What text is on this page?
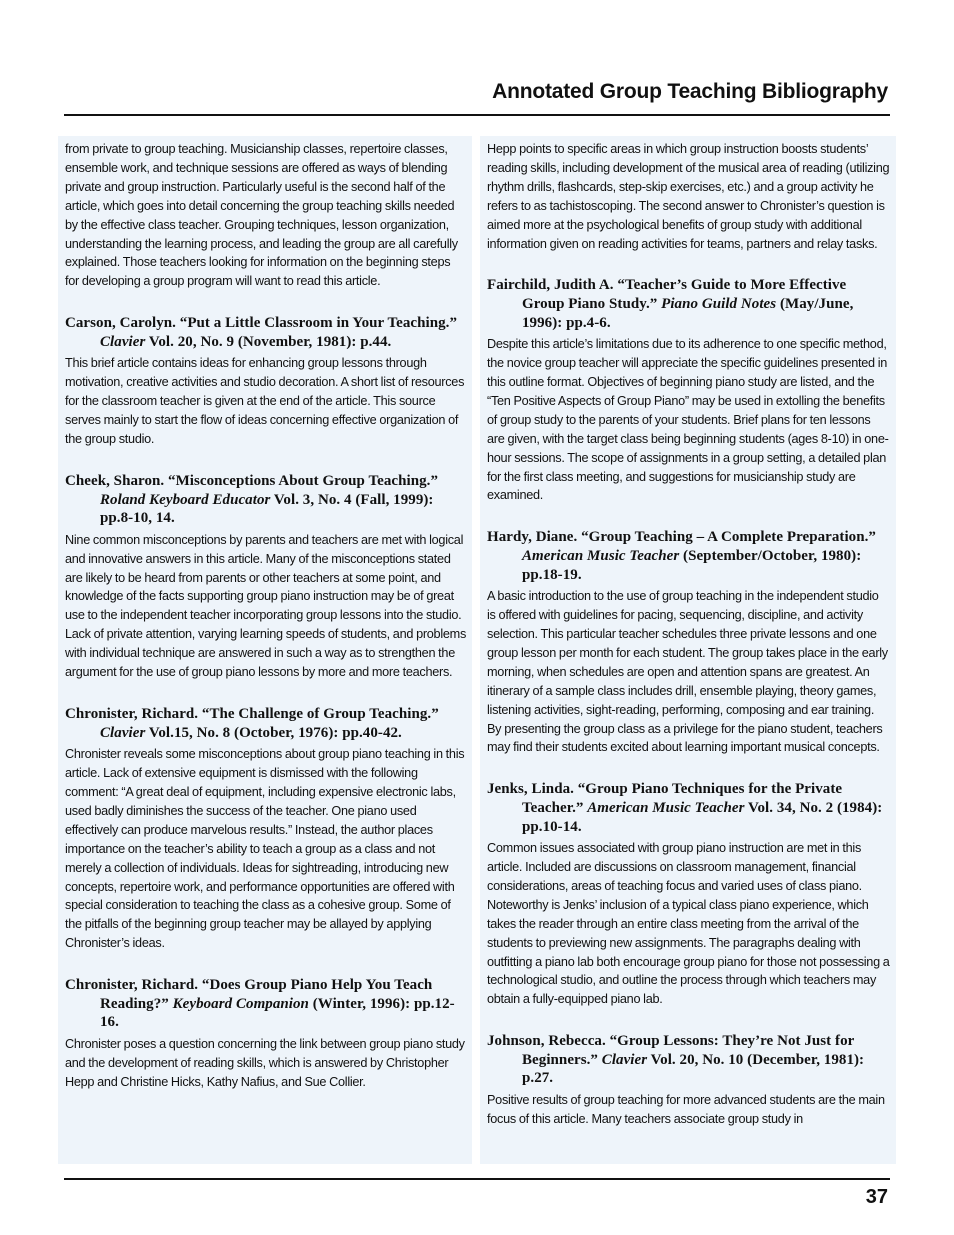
Annotated Group Teaching Bibliography

from private to group teaching. Musicianship classes, repertoire classes, ensemble work, and technique sessions are offered as ways of blending private and group instruction. Particularly useful is the second half of the article, which goes into detail concerning the group teaching skills needed by the effective class teacher. Grouping techniques, lesson organization, understanding the learning process, and leading the group are all carefully explained. Those teachers looking for information on the beginning steps for developing a group program will want to read this article.

Carson, Carolyn. “Put a Little Classroom in Your Teaching.” Clavier Vol. 20, No. 9 (November, 1981): p.44.

This brief article contains ideas for enhancing group lessons through motivation, creative activities and studio decoration. A short list of resources for the classroom teacher is given at the end of the article. This source serves mainly to start the flow of ideas concerning effective organization of the group studio.

Cheek, Sharon. “Misconceptions About Group Teaching.” Roland Keyboard Educator Vol. 3, No. 4 (Fall, 1999): pp.8-10, 14.

Nine common misconceptions by parents and teachers are met with logical and innovative answers in this article. Many of the misconceptions stated are likely to be heard from parents or other teachers at some point, and knowledge of the facts supporting group piano instruction may be of great use to the independent teacher incorporating group lessons into the studio. Lack of private attention, varying learning speeds of students, and problems with individual technique are answered in such a way as to strengthen the argument for the use of group piano lessons by more and more teachers.

Chronister, Richard. “The Challenge of Group Teaching.” Clavier Vol.15, No. 8 (October, 1976): pp.40-42.

Chronister reveals some misconceptions about group piano teaching in this article. Lack of extensive equipment is dismissed with the following comment: “A great deal of equipment, including expensive electronic labs, used badly diminishes the success of the teacher. One piano used effectively can produce marvelous results.” Instead, the author places importance on the teacher’s ability to teach a group as a class and not merely a collection of individuals. Ideas for sightreading, introducing new concepts, repertoire work, and performance opportunities are offered with special consideration to teaching the class as a cohesive group. Some of the pitfalls of the beginning group teacher may be allayed by applying Chronister’s ideas.

Chronister, Richard. “Does Group Piano Help You Teach Reading?” Keyboard Companion (Winter, 1996): pp.12-16.

Chronister poses a question concerning the link between group piano study and the development of reading skills, which is answered by Christopher Hepp and Christine Hicks, Kathy Nafius, and Sue Collier.

Hepp points to specific areas in which group instruction boosts students’ reading skills, including development of the musical area of reading (utilizing rhythm drills, flashcards, step-skip exercises, etc.) and a group activity he refers to as tachistoscoping. The second answer to Chronister’s question is aimed more at the psychological benefits of group study with additional information given on reading activities for teams, partners and relay tasks.

Fairchild, Judith A. “Teacher’s Guide to More Effective Group Piano Study.” Piano Guild Notes (May/June, 1996): pp.4-6.

Despite this article’s limitations due to its adherence to one specific method, the novice group teacher will appreciate the specific guidelines presented in this outline format. Objectives of beginning piano study are listed, and the “Ten Positive Aspects of Group Piano” may be used in extolling the benefits of group study to the parents of your students. Brief plans for ten lessons are given, with the target class being beginning students (ages 8-10) in one-hour sessions. The scope of assignments in a group setting, a detailed plan for the first class meeting, and suggestions for musicianship study are examined.

Hardy, Diane. “Group Teaching – A Complete Preparation.” American Music Teacher (September/October, 1980): pp.18-19.

A basic introduction to the use of group teaching in the independent studio is offered with guidelines for pacing, sequencing, discipline, and activity selection. This particular teacher schedules three private lessons and one group lesson per month for each student. The group takes place in the early morning, when schedules are open and attention spans are greatest. An itinerary of a sample class includes drill, ensemble playing, theory games, listening activities, sight-reading, performing, composing and ear training. By presenting the group class as a privilege for the piano student, teachers may find their students excited about learning important musical concepts.

Jenks, Linda. “Group Piano Techniques for the Private Teacher.” American Music Teacher Vol. 34, No. 2 (1984): pp.10-14.

Common issues associated with group piano instruction are met in this article. Included are discussions on classroom management, financial considerations, areas of teaching focus and varied uses of class piano. Noteworthy is Jenks’ inclusion of a typical class piano experience, which takes the reader through an entire class meeting from the arrival of the students to previewing new assignments. The paragraphs dealing with outfitting a piano lab both encourage group piano for those not possessing a technological studio, and outline the process through which teachers may obtain a fully-equipped piano lab.

Johnson, Rebecca. “Group Lessons: They’re Not Just for Beginners.” Clavier Vol. 20, No. 10 (December, 1981): p.27.

Positive results of group teaching for more advanced students are the main focus of this article. Many teachers associate group study in

37
